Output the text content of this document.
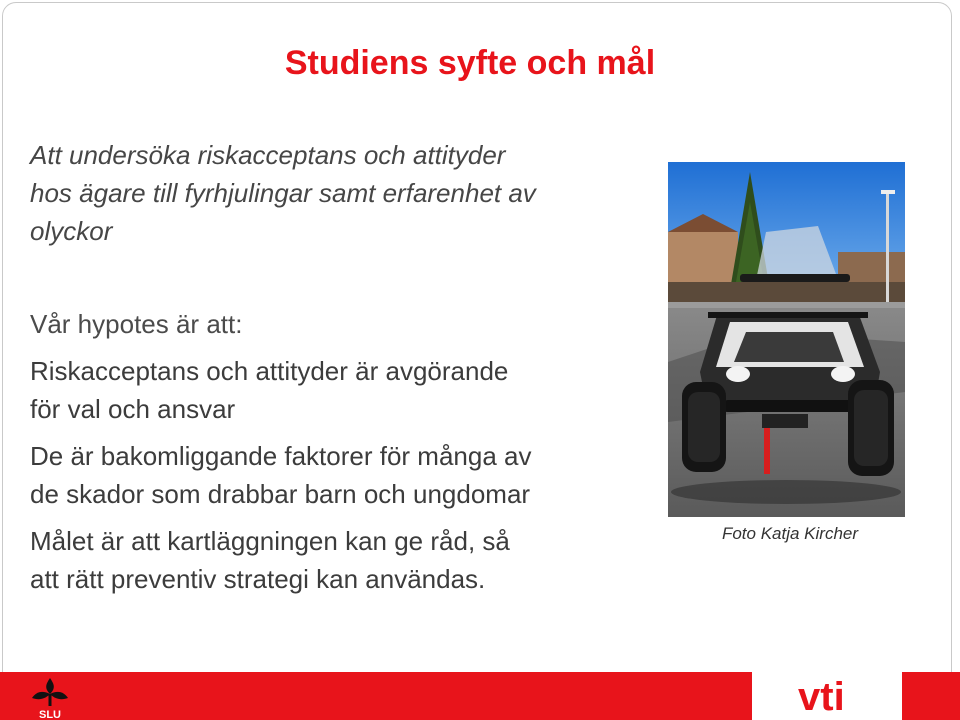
Studiens syfte och mål

Att undersöka riskacceptans och attityder
hos ägare till fyrhjulingar samt erfarenhet av
olyckor

Vår hypotes är att:

Riskacceptans och attityder är avgörande
för val och ansvar

De är bakomliggande faktorer för många av
de skador som drabbar barn och ungdomar

Målet är att kartläggningen kan ge råd, så
att rätt preventiv strategi kan användas.

Foto Katja Kircher

SLU	vti
